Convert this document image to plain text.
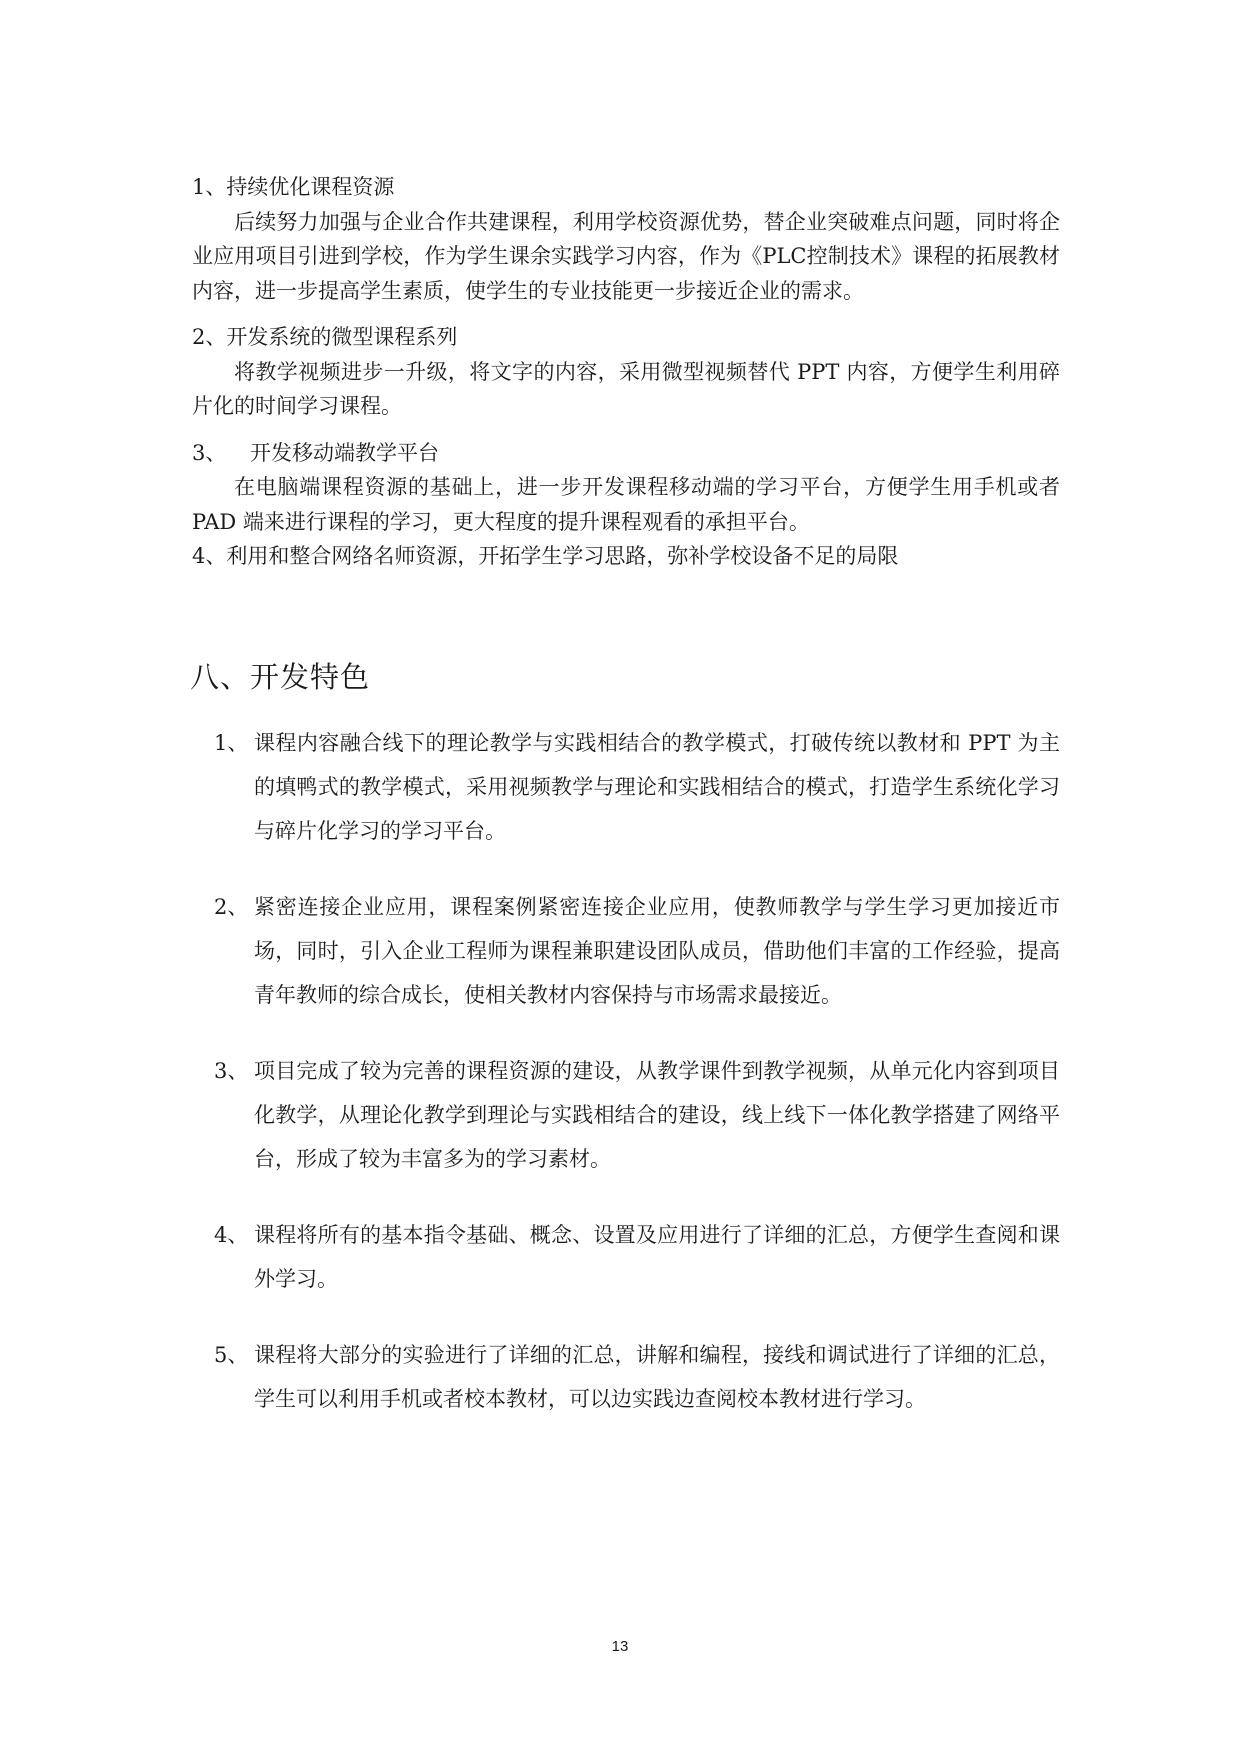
1、持续优化课程资源

后续努力加强与企业合作共建课程，利用学校资源优势，替企业突破难点问题，同时将企业应用项目引进到学校，作为学生课余实践学习内容，作为《PLC控制技术》课程的拓展教材内容，进一步提高学生素质，使学生的专业技能更一步接近企业的需求。

2、开发系统的微型课程系列

将教学视频进步一升级，将文字的内容，采用微型视频替代 PPT 内容，方便学生利用碎片化的时间学习课程。

3、	开发移动端教学平台

在电脑端课程资源的基础上，进一步开发课程移动端的学习平台，方便学生用手机或者 PAD 端来进行课程的学习，更大程度的提升课程观看的承担平台。

4、利用和整合网络名师资源，开拓学生学习思路，弥补学校设备不足的局限

八、开发特色
1、 课程内容融合线下的理论教学与实践相结合的教学模式，打破传统以教材和 PPT 为主的填鸭式的教学模式，采用视频教学与理论和实践相结合的模式，打造学生系统化学习与碎片化学习的学习平台。
2、 紧密连接企业应用，课程案例紧密连接企业应用，使教师教学与学生学习更加接近市场，同时，引入企业工程师为课程兼职建设团队成员，借助他们丰富的工作经验，提高青年教师的综合成长，使相关教材内容保持与市场需求最接近。
3、 项目完成了较为完善的课程资源的建设，从教学课件到教学视频，从单元化内容到项目化教学，从理论化教学到理论与实践相结合的建设，线上线下一体化教学搭建了网络平台，形成了较为丰富多为的学习素材。
4、 课程将所有的基本指令基础、概念、设置及应用进行了详细的汇总，方便学生查阅和课外学习。
5、 课程将大部分的实验进行了详细的汇总，讲解和编程，接线和调试进行了详细的汇总，学生可以利用手机或者校本教材，可以边实践边查阅校本教材进行学习。
13
